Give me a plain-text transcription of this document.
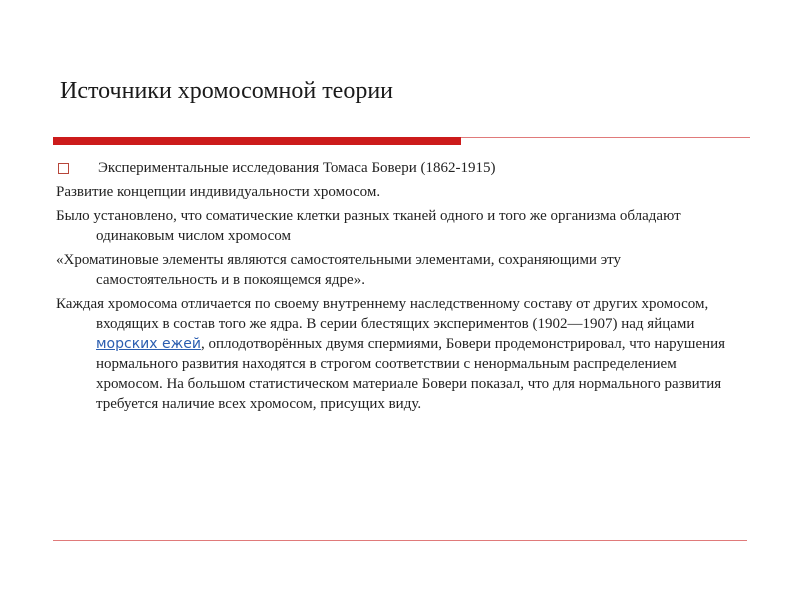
Источники хромосомной теории
Экспериментальные исследования Томаса Бовери (1862-1915)
Развитие концепции индивидуальности хромосом.
Было установлено, что соматические клетки разных тканей одного и того же организма обладают одинаковым числом хромосом
«Хроматиновые элементы являются самостоятельными элементами, сохраняющими эту самостоятельность и в покоящемся ядре».
Каждая хромосома отличается по своему внутреннему наследственному составу от других хромосом, входящих в состав того же ядра. В серии блестящих экспериментов (1902—1907) над яйцами морских ежей, оплодотворённых двумя спермиями, Бовери продемонстрировал, что нарушения нормального развития находятся в строгом соответствии с ненормальным распределением хромосом. На большом статистическом материале Бовери показал, что для нормального развития требуется наличие всех хромосом, присущих виду.
